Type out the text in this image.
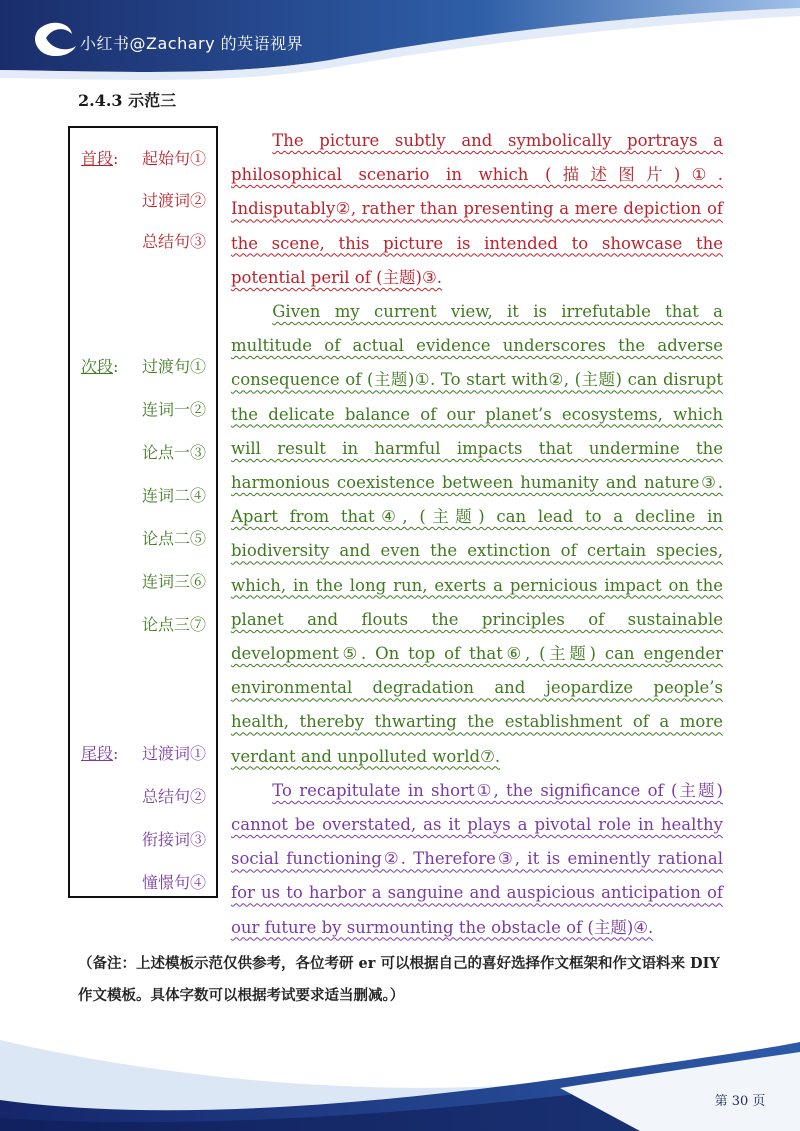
小红书@Zachary 的英语视界
2.4.3 示范三
首段: 起始句①
过渡词②
总结句③
次段: 过渡句①
连词一②
论点一③
连词二④
论点二⑤
连词三⑥
论点三⑦
尾段: 过渡词①
总结句②
衔接词③
憧憬句④

The picture subtly and symbolically portrays a philosophical scenario in which (描述图片)①. Indisputably②, rather than presenting a mere depiction of the scene, this picture is intended to showcase the potential peril of (主题)③.

Given my current view, it is irrefutable that a multitude of actual evidence underscores the adverse consequence of (主题)①. To start with②, (主题) can disrupt the delicate balance of our planet’s ecosystems, which will result in harmful impacts that undermine the harmonious coexistence between humanity and nature③. Apart from that④, (主题) can lead to a decline in biodiversity and even the extinction of certain species, which, in the long run, exerts a pernicious impact on the planet and flouts the principles of sustainable development⑤. On top of that⑥, (主题) can engender environmental degradation and jeopardize people’s health, thereby thwarting the establishment of a more verdant and unpolluted world⑦.

To recapitulate in short①, the significance of (主题) cannot be overstated, as it plays a pivotal role in healthy social functioning②. Therefore③, it is eminently rational for us to harbor a sanguine and auspicious anticipation of our future by surmounting the obstacle of (主题)④.

（备注：上述模板示范仅供参考，各位考研 er 可以根据自己的喜好选择作文框架和作文语料来 DIY 作文模板。具体字数可以根据考试要求适当删减。）
第 30 页
